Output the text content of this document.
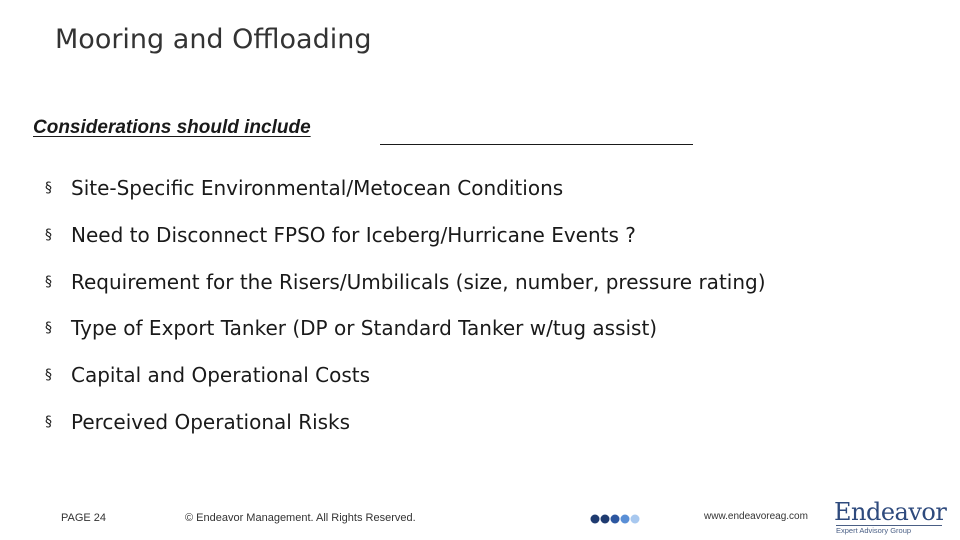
Mooring and Offloading
Considerations should include
§ Site-Specific Environmental/Metocean Conditions
§ Need to Disconnect FPSO for Iceberg/Hurricane Events ?
§ Requirement for the Risers/Umbilicals (size, number, pressure rating)
§ Type of Export Tanker (DP or Standard Tanker w/tug assist)
§ Capital and Operational Costs
§ Perceived Operational Risks
PAGE 24	© Endeavor Management. All Rights Reserved.	www.endeavoreag.com Endeavor
Expert Advisory Group
